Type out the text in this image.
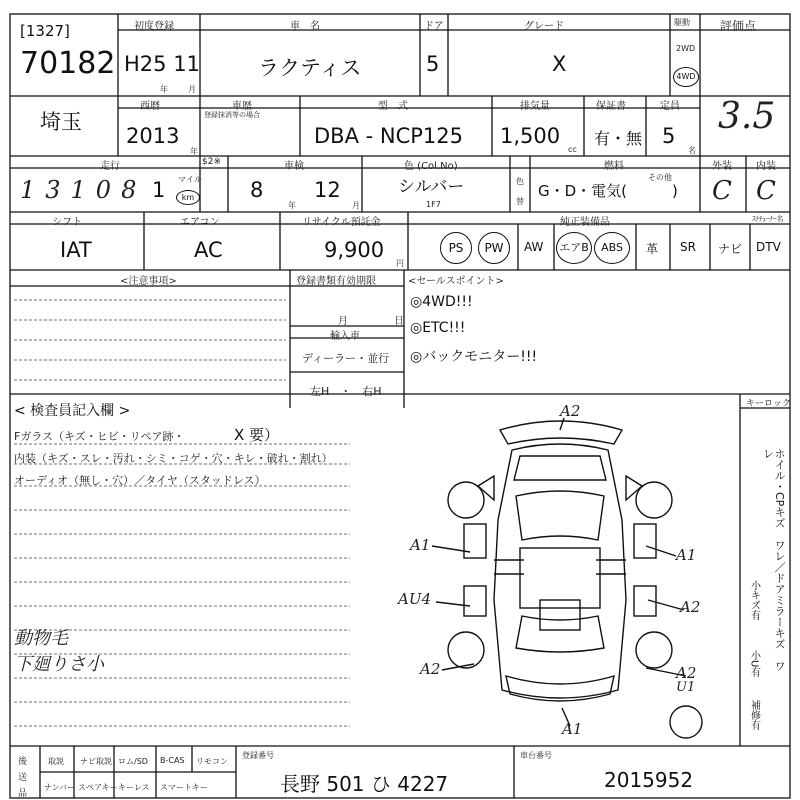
[1327]
70182
初度登録
H25 11
年	月
車　名
ラクティス
ドア
5
グレード
X
駆動
2WD
4WD
評価点
3.5
埼玉
西暦
2013
年
車歴
登録抹消等の場合
型　式
DBA - NCP125
排気量
1,500
cc
保証書
有・無
定員
5
名
走行	$2※
13108 1 マイル
km
車検
8
年
12
月
色 (Col.No)
シルバー
1F7
色
替
燃料
その他
G・D・電気(　　　)
外装
C
内装
C
シフト
IAT
エアコン
AC
リサイクル預託金
9,900
円
純正装備品	ｽﾃﾁｭｰﾅｰ名
PS	PW	AW エアB	ABS	革 SR ナビ DTV
<注意事項>	登録書類有効期限
月	日
輸入車
ディーラー・並行
左H　・　右H
<セールスポイント>
◎4WD!!!
◎ETC!!!
◎バックモニター!!!
< 検査員記入欄 >
Fガラス（キズ・ヒビ・リペア跡・	X 要）
内装（キズ・スレ・汚れ・シミ・コゲ・穴・キレ・破れ・割れ）
オーディオ（無し・穴）／タイヤ（スタッドレス）
動物毛
下廻りさ小
キーロック
ホイル・CPキズ　ワレ／ドアミラーキズ　ワレ
小キズ有
小U有
補修有
A2
A1
A1
A2
AU4
A2	A2
U1
A1
後
送
品
取説 ナビ取説 ロム/SD B-CAS リモコン
ナンバー スペアキー キーレス スマートキー
登録番号
長野 501 ひ 4227
車台番号
2015952
